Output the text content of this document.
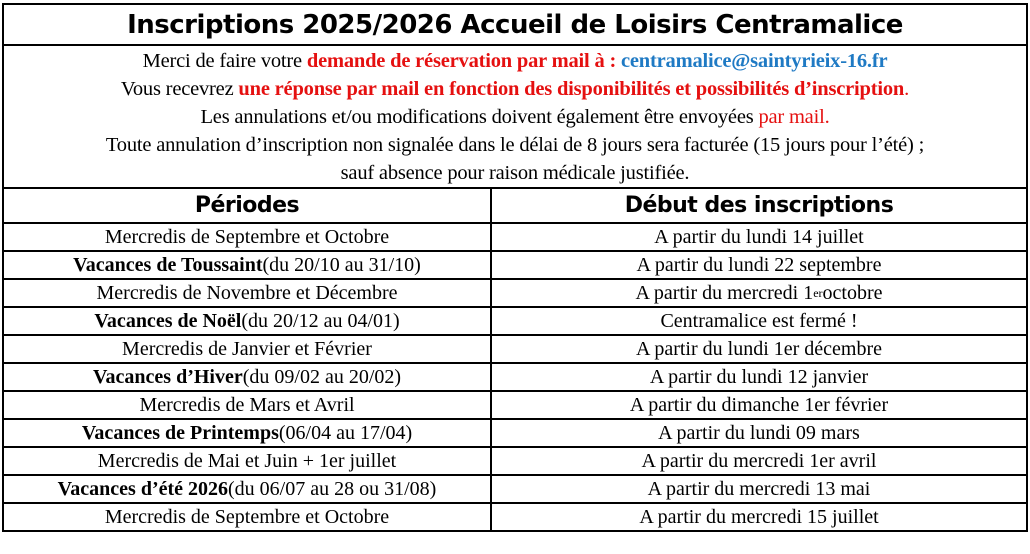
Inscriptions 2025/2026 Accueil de Loisirs Centramalice
Merci de faire votre demande de réservation par mail à : centramalice@saintyrieix-16.fr
Vous recevrez une réponse par mail en fonction des disponibilités et possibilités d’inscription.
Les annulations et/ou modifications doivent également être envoyées par mail.
Toute annulation d’inscription non signalée dans le délai de 8 jours sera facturée (15 jours pour l’été) ;
sauf absence pour raison médicale justifiée.
Périodes	Début des inscriptions
Mercredis de Septembre et Octobre	A partir du lundi 14 juillet
Vacances de Toussaint (du 20/10 au 31/10)	A partir du lundi 22 septembre
Mercredis de Novembre et Décembre	A partir du mercredi 1 er octobre
Vacances de Noël (du 20/12 au 04/01)	Centramalice est fermé !
Mercredis de Janvier et Février	A partir du lundi 1er décembre
Vacances d’Hiver (du 09/02 au 20/02)	A partir du lundi 12 janvier
Mercredis de Mars et Avril	A partir du dimanche 1er février
Vacances de Printemps (06/04 au 17/04)	A partir du lundi 09 mars
Mercredis de Mai et Juin + 1er juillet	A partir du mercredi 1er avril
Vacances d’été 2026 (du 06/07 au 28 ou 31/08)	A partir du mercredi 13 mai
Mercredis de Septembre et Octobre	A partir du mercredi 15 juillet
